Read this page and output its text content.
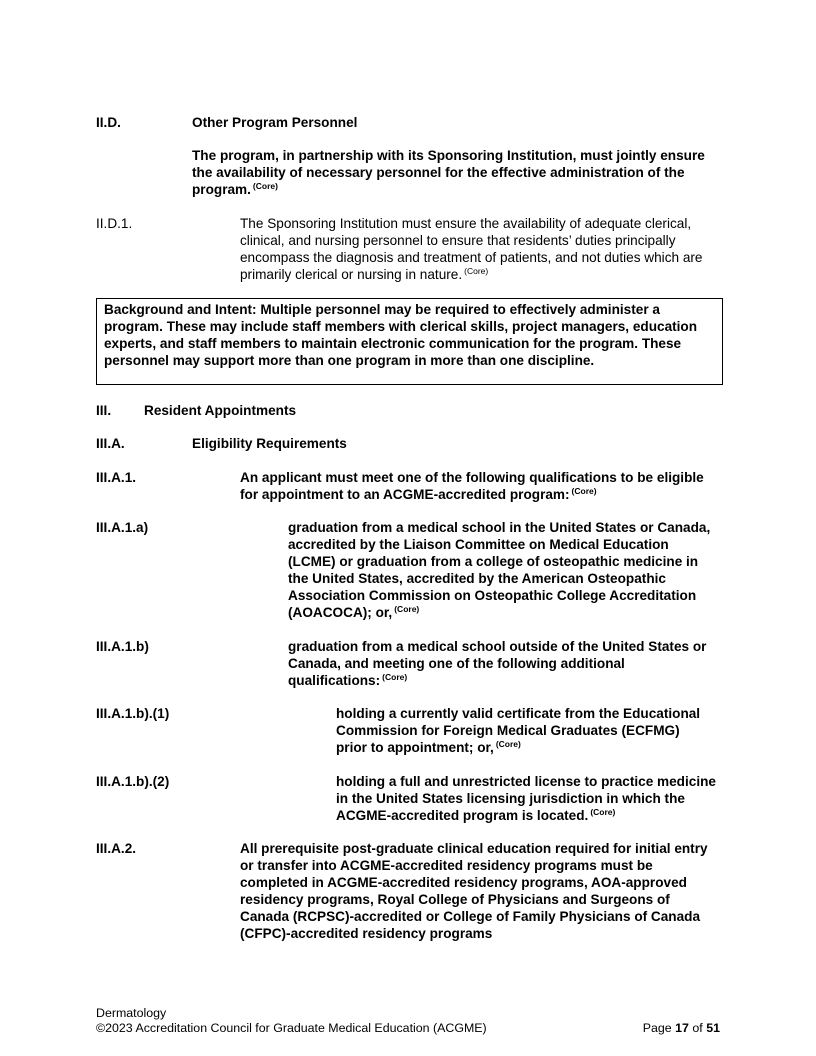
II.D.	Other Program Personnel
The program, in partnership with its Sponsoring Institution, must jointly ensure the availability of necessary personnel for the effective administration of the program. $^{(Core)}$
II.D.1.	The Sponsoring Institution must ensure the availability of adequate clerical, clinical, and nursing personnel to ensure that residents’ duties principally encompass the diagnosis and treatment of patients, and not duties which are primarily clerical or nursing in nature. $^{(Core)}$
Background and Intent: Multiple personnel may be required to effectively administer a program. These may include staff members with clerical skills, project managers, education experts, and staff members to maintain electronic communication for the program. These personnel may support more than one program in more than one discipline.
III. Resident Appointments
III.A.	Eligibility Requirements
III.A.1.	An applicant must meet one of the following qualifications to be eligible for appointment to an ACGME-accredited program: $^{(Core)}$
III.A.1.a)	graduation from a medical school in the United States or Canada, accredited by the Liaison Committee on Medical Education (LCME) or graduation from a college of osteopathic medicine in the United States, accredited by the American Osteopathic Association Commission on Osteopathic College Accreditation (AOACOCA); or, $^{(Core)}$
III.A.1.b)	graduation from a medical school outside of the United States or Canada, and meeting one of the following additional qualifications: $^{(Core)}$
III.A.1.b).(1)	holding a currently valid certificate from the Educational Commission for Foreign Medical Graduates (ECFMG) prior to appointment; or, $^{(Core)}$
III.A.1.b).(2)	holding a full and unrestricted license to practice medicine in the United States licensing jurisdiction in which the ACGME-accredited program is located. $^{(Core)}$
III.A.2.	All prerequisite post-graduate clinical education required for initial entry or transfer into ACGME-accredited residency programs must be completed in ACGME-accredited residency programs, AOA-approved residency programs, Royal College of Physicians and Surgeons of Canada (RCPSC)-accredited or College of Family Physicians of Canada (CFPC)-accredited residency programs
Dermatology
©2023 Accreditation Council for Graduate Medical Education (ACGME)	Page 17 of 51
